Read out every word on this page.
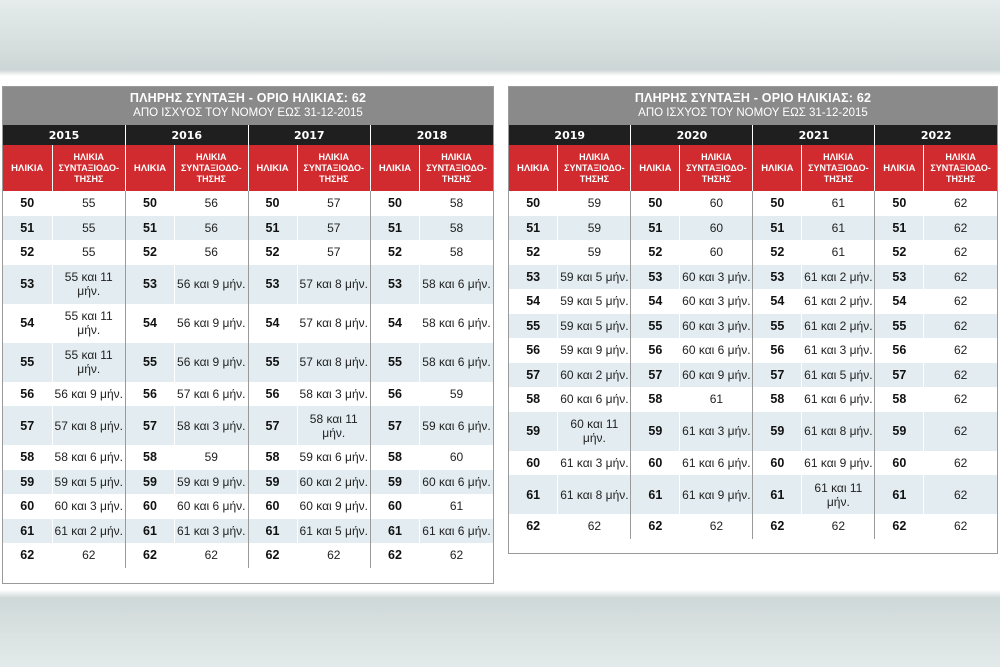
ΠΛΗΡΗΣ ΣΥΝΤΑΞΗ - ΟΡΙΟ ΗΛΙΚΙΑΣ: 62
ΑΠΟ ΙΣΧΥΟΣ ΤΟΥ ΝΟΜΟΥ ΕΩΣ 31-12-2015							

2015		2016		2017		2018	
ΗΛΙΚΙΑ	ΗΛΙΚΙΑ
ΣΥΝΤΑΞΙΟΔΟ-
ΤΗΣΗΣ	ΗΛΙΚΙΑ	ΗΛΙΚΙΑ
ΣΥΝΤΑΞΙΟΔΟ-
ΤΗΣΗΣ	ΗΛΙΚΙΑ	ΗΛΙΚΙΑ
ΣΥΝΤΑΞΙΟΔΟ-
ΤΗΣΗΣ	ΗΛΙΚΙΑ	ΗΛΙΚΙΑ
ΣΥΝΤΑΞΙΟΔΟ-
ΤΗΣΗΣ

50	55	50	56	50	57	50	58
51	55	51	56	51	57	51	58
52	55	52	56	52	57	52	58
53	55 και 11 μήν.	53	56 και 9 μήν.	53	57 και 8 μήν.	53	58 και 6 μήν.
54	55 και 11 μήν.	54	56 και 9 μήν.	54	57 και 8 μήν.	54	58 και 6 μήν.
55	55 και 11 μήν.	55	56 και 9 μήν.	55	57 και 8 μήν.	55	58 και 6 μήν.
56	56 και 9 μήν.	56	57 και 6 μήν.	56	58 και 3 μήν.	56	59
57	57 και 8 μήν.	57	58 και 3 μήν.	57	58 και 11 μήν.	57	59 και 6 μήν.
58	58 και 6 μήν.	58	59	58	59 και 6 μήν.	58	60
59	59 και 5 μήν.	59	59 και 9 μήν.	59	60 και 2 μήν.	59	60 και 6 μήν.
60	60 και 3 μήν.	60	60 και 6 μήν.	60	60 και 9 μήν.	60	61
61	61 και 2 μήν.	61	61 και 3 μήν.	61	61 και 5 μήν.	61	61 και 6 μήν.
62	62	62	62	62	62	62	62
ΠΛΗΡΗΣ ΣΥΝΤΑΞΗ - ΟΡΙΟ ΗΛΙΚΙΑΣ: 62
ΑΠΟ ΙΣΧΥΟΣ ΤΟΥ ΝΟΜΟΥ ΕΩΣ 31-12-2015							

2019		2020		2021		2022	
ΗΛΙΚΙΑ	ΗΛΙΚΙΑ
ΣΥΝΤΑΞΙΟΔΟ-
ΤΗΣΗΣ	ΗΛΙΚΙΑ	ΗΛΙΚΙΑ
ΣΥΝΤΑΞΙΟΔΟ-
ΤΗΣΗΣ	ΗΛΙΚΙΑ	ΗΛΙΚΙΑ
ΣΥΝΤΑΞΙΟΔΟ-
ΤΗΣΗΣ	ΗΛΙΚΙΑ	ΗΛΙΚΙΑ
ΣΥΝΤΑΞΙΟΔΟ-
ΤΗΣΗΣ

50	59	50	60	50	61	50	62
51	59	51	60	51	61	51	62
52	59	52	60	52	61	52	62
53	59 και 5 μήν.	53	60 και 3 μήν.	53	61 και 2 μήν.	53	62
54	59 και 5 μήν.	54	60 και 3 μήν.	54	61 και 2 μήν.	54	62
55	59 και 5 μήν.	55	60 και 3 μήν.	55	61 και 2 μήν.	55	62
56	59 και 9 μήν.	56	60 και 6 μήν.	56	61 και 3 μήν.	56	62
57	60 και 2 μήν.	57	60 και 9 μήν.	57	61 και 5 μήν.	57	62
58	60 και 6 μήν.	58	61	58	61 και 6 μήν.	58	62
59	60 και 11 μήν.	59	61 και 3 μήν.	59	61 και 8 μήν.	59	62
60	61 και 3 μήν.	60	61 και 6 μήν.	60	61 και 9 μήν.	60	62
61	61 και 8 μήν.	61	61 και 9 μήν.	61	61 και 11 μήν.	61	62
62	62	62	62	62	62	62	62
